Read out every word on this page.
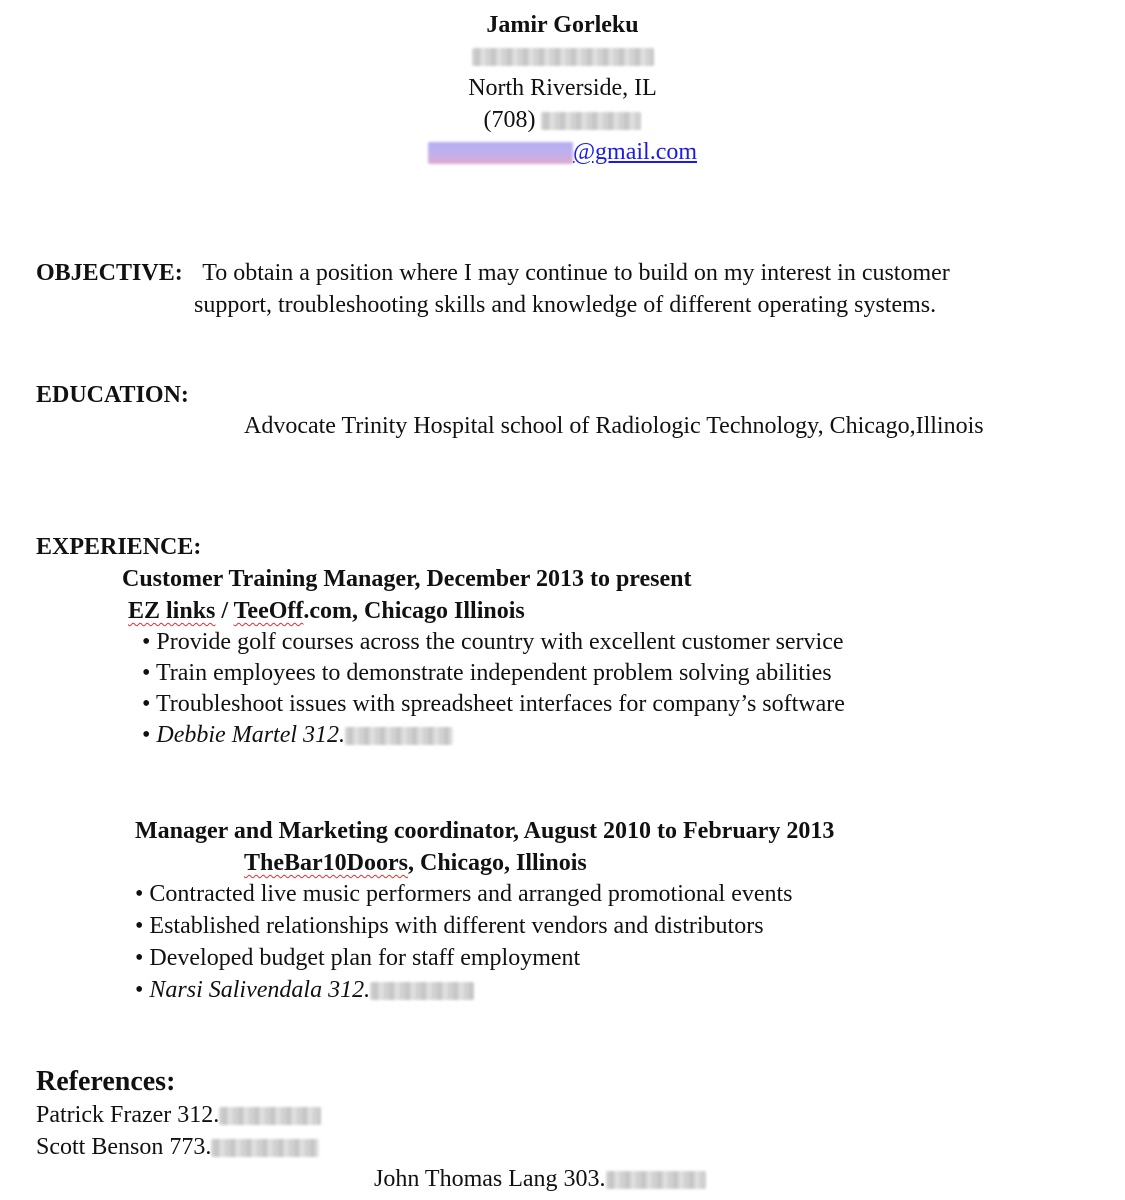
Jamir Gorleku
North Riverside, IL
(708)
@gmail.com
OBJECTIVE: To obtain a position where I may continue to build on my interest in customer
support, troubleshooting skills and knowledge of different operating systems.
EDUCATION:
Advocate Trinity Hospital school of Radiologic Technology, Chicago,Illinois
EXPERIENCE:
Customer Training Manager, December 2013 to present
EZ links / TeeOff.com, Chicago Illinois
• Provide golf courses across the country with excellent customer service
• Train employees to demonstrate independent problem solving abilities
• Troubleshoot issues with spreadsheet interfaces for company’s software
• Debbie Martel 312.
Manager and Marketing coordinator, August 2010 to February 2013
TheBar10Doors, Chicago, Illinois
• Contracted live music performers and arranged promotional events
• Established relationships with different vendors and distributors
• Developed budget plan for staff employment
• Narsi Salivendala 312.
References:
Patrick Frazer 312.
Scott Benson 773.
John Thomas Lang 303.
